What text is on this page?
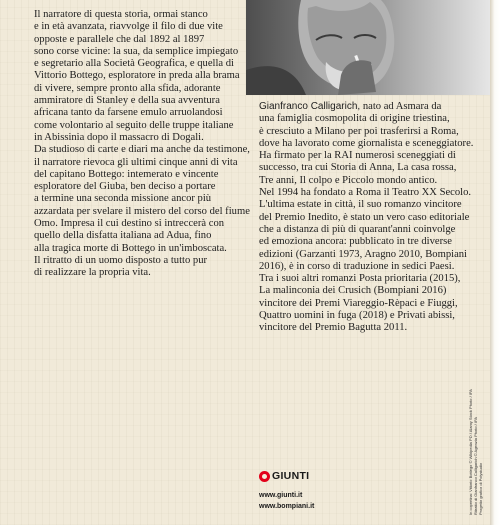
Il narratore di questa storia, ormai stanco
e in età avanzata, riavvolge il filo di due vite
opposte e parallele che dal 1892 al 1897
sono corse vicine: la sua, da semplice impiegato
e segretario alla Società Geografica, e quella di
Vittorio Bottego, esploratore in preda alla brama
di vivere, sempre pronto alla sfida, adorante
ammiratore di Stanley e della sua avventura
africana tanto da farsene emulo arruolandosi
come volontario al seguito delle truppe italiane
in Abissinia dopo il massacro di Dogali.
Da studioso di carte e diari ma anche da testimone,
il narratore rievoca gli ultimi cinque anni di vita
del capitano Bottego: intemerato e vincente
esploratore del Giuba, ben deciso a portare
a termine una seconda missione ancor più
azzardata per svelare il mistero del corso del fiume
Omo. Impresa il cui destino si intreccerà con
quello della disfatta italiana ad Adua, fino
alla tragica morte di Bottego in un'imboscata.
Il ritratto di un uomo disposto a tutto pur
di realizzare la propria vita.
Gianfranco Calligarich, nato ad Asmara da
una famiglia cosmopolita di origine triestina,
è cresciuto a Milano per poi trasferirsi a Roma,
dove ha lavorato come giornalista e sceneggiatore.
Ha firmato per la RAI numerosi sceneggiati di
successo, tra cui Storia di Anna, La casa rossa,
Tre anni, Il colpo e Piccolo mondo antico.
Nel 1994 ha fondato a Roma il Teatro XX Secolo.
L'ultima estate in città, il suo romanzo vincitore
del Premio Inedito, è stato un vero caso editoriale
che a distanza di più di quarant'anni coinvolge
ed emoziona ancora: pubblicato in tre diverse
edizioni (Garzanti 1973, Aragno 2010, Bompiani
2016), è in corso di traduzione in sedici Paesi.
Tra i suoi altri romanzi Posta prioritaria (2015),
La malinconia dei Crusich (Bompiani 2016)
vincitore dei Premi Viareggio-Rèpaci e Fiuggi,
Quattro uomini in fuga (2018) e Privati abissi,
vincitore del Premio Bagutta 2011.
GIUNTI
www.giunti.it
www.bompiani.it	In copertina: Vittorio Bottego © Wikipedia PD / Alamy Stock Photo / IPA Ritratto di Gianfranco Calligarich © Agenzia Photo / IPA Progetto grafico di Polystudio
